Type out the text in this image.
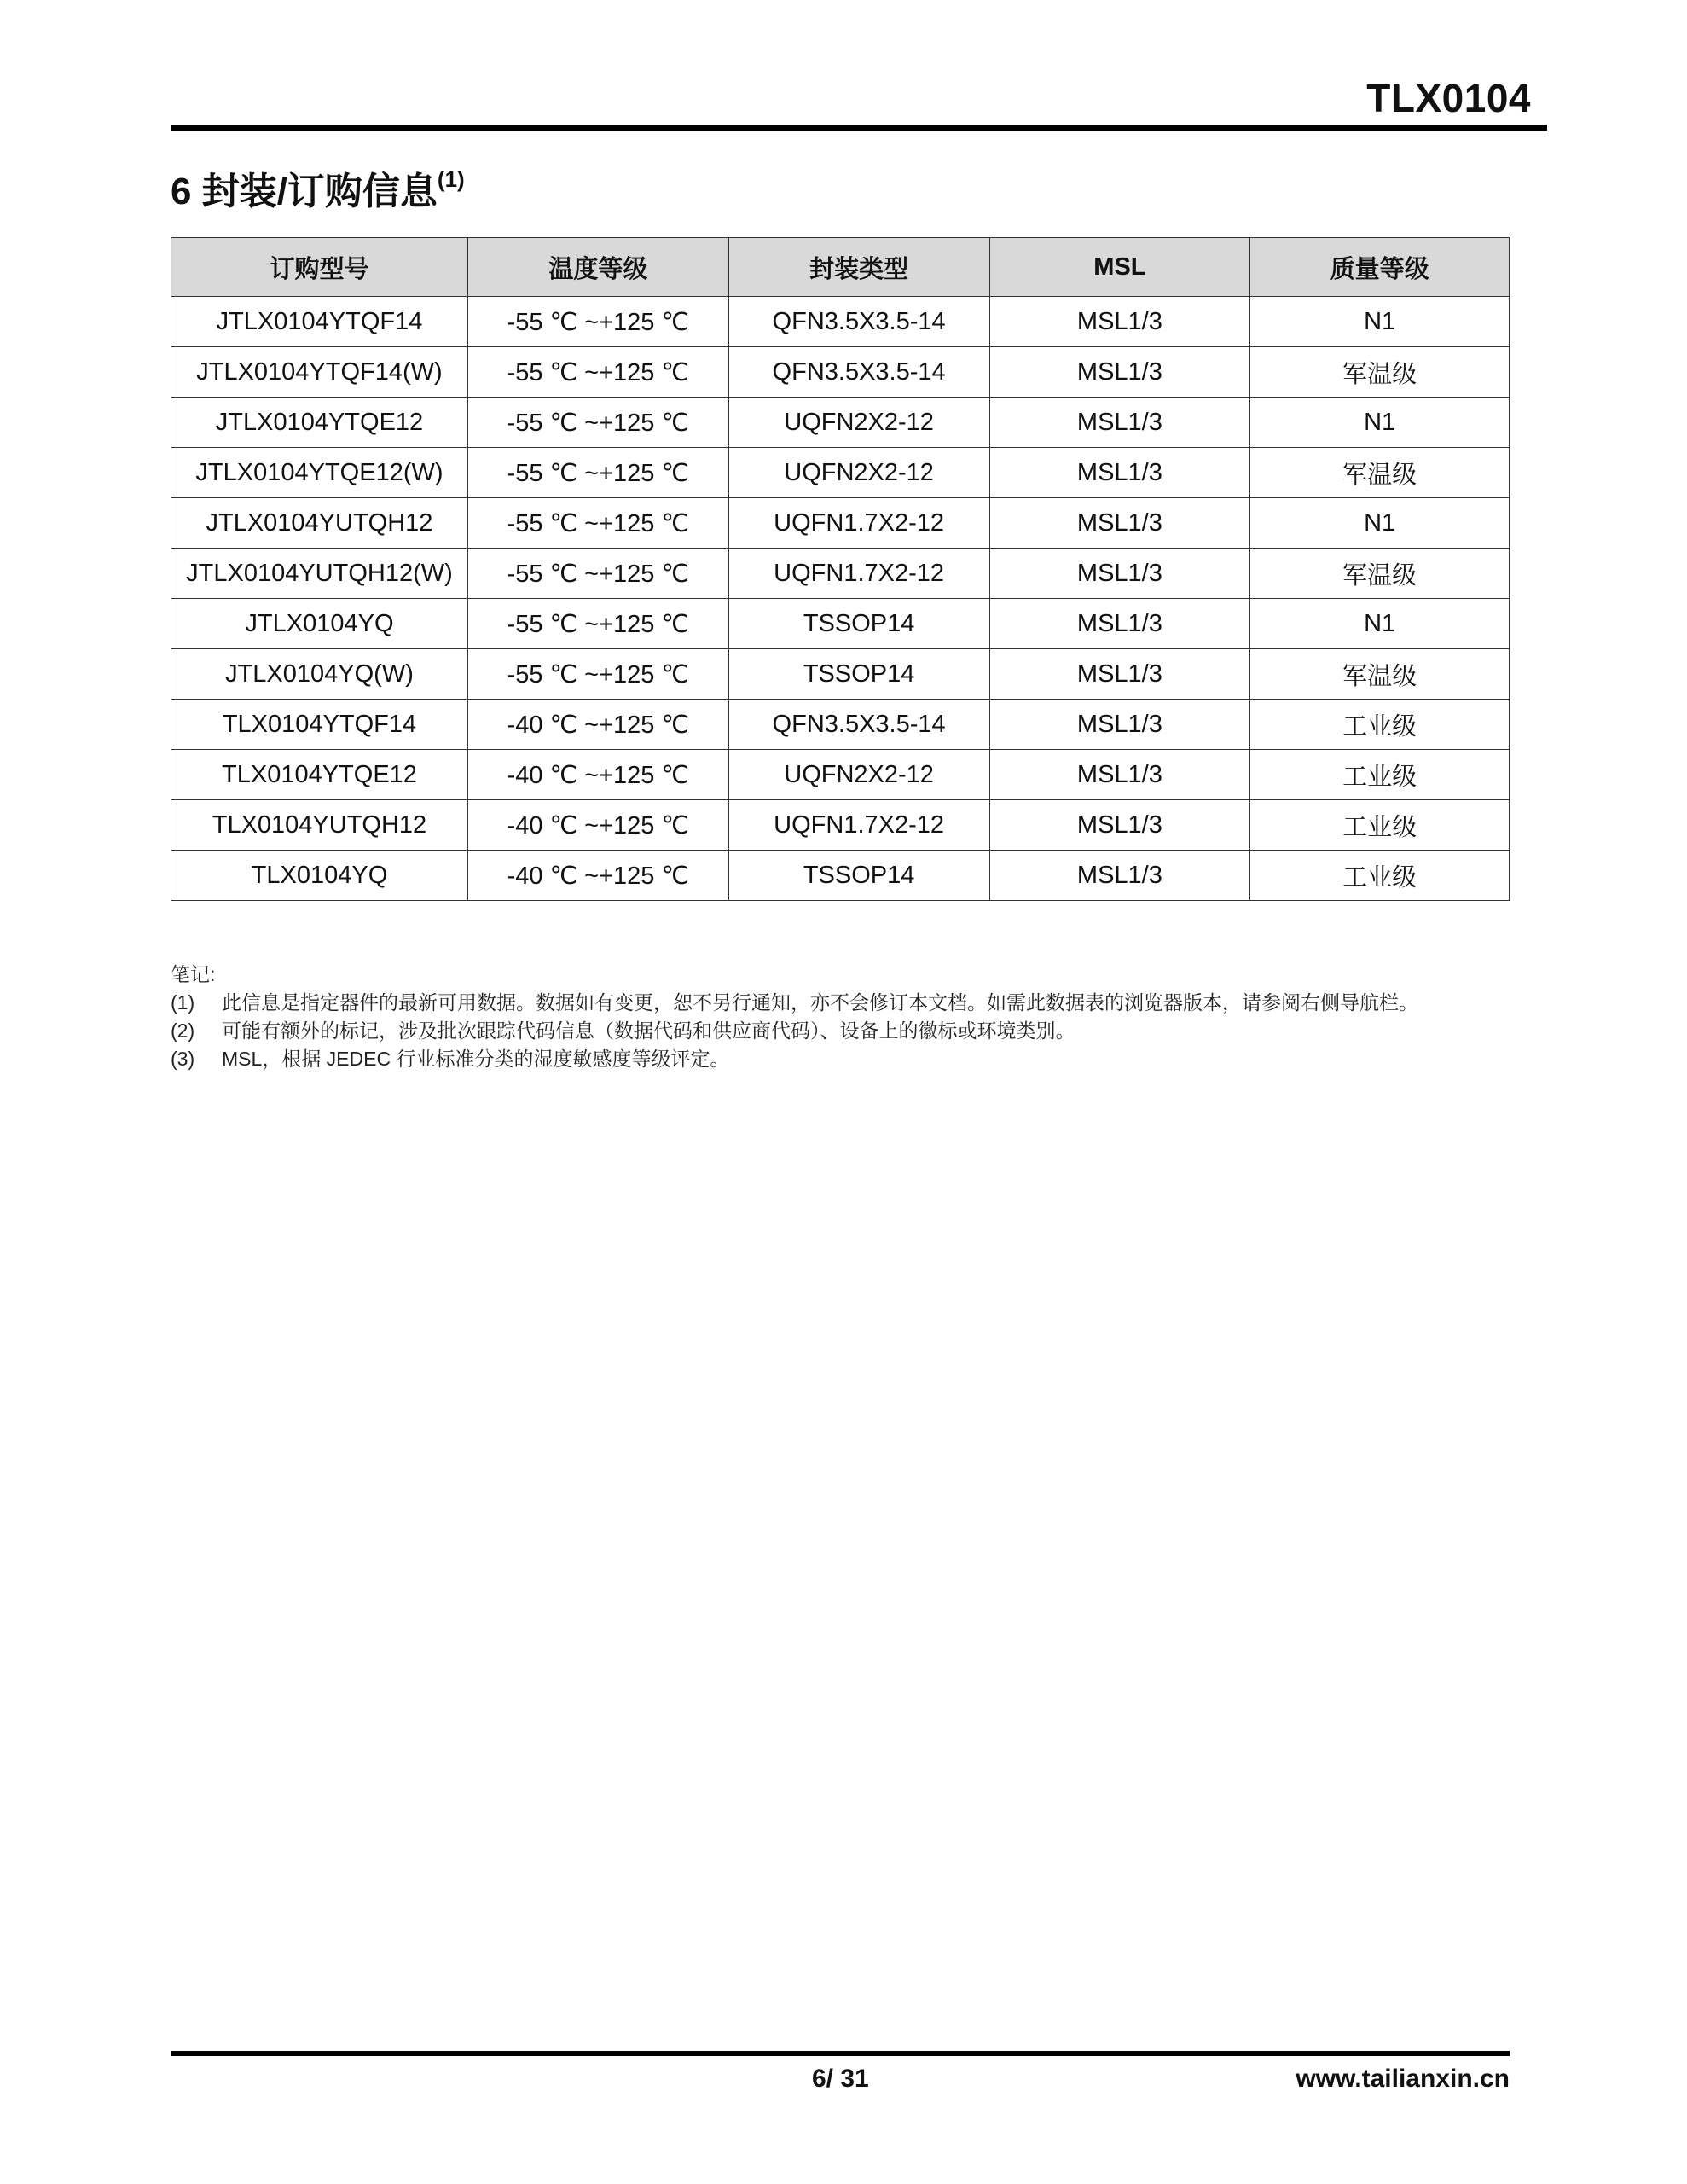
TLX0104
6 封装/订购信息$^{(1)}$
订购型号	温度等级	封装类型	MSL	质量等级
JTLX0104YTQF14	-55 ℃ ~+125 ℃	QFN3.5X3.5-14	MSL1/3	N1
JTLX0104YTQF14(W)	-55 ℃ ~+125 ℃	QFN3.5X3.5-14	MSL1/3	军温级
JTLX0104YTQE12	-55 ℃ ~+125 ℃	UQFN2X2-12	MSL1/3	N1
JTLX0104YTQE12(W)	-55 ℃ ~+125 ℃	UQFN2X2-12	MSL1/3	军温级
JTLX0104YUTQH12	-55 ℃ ~+125 ℃	UQFN1.7X2-12	MSL1/3	N1
JTLX0104YUTQH12(W)	-55 ℃ ~+125 ℃	UQFN1.7X2-12	MSL1/3	军温级
JTLX0104YQ	-55 ℃ ~+125 ℃	TSSOP14	MSL1/3	N1
JTLX0104YQ(W)	-55 ℃ ~+125 ℃	TSSOP14	MSL1/3	军温级
TLX0104YTQF14	-40 ℃ ~+125 ℃	QFN3.5X3.5-14	MSL1/3	工业级
TLX0104YTQE12	-40 ℃ ~+125 ℃	UQFN2X2-12	MSL1/3	工业级
TLX0104YUTQH12	-40 ℃ ~+125 ℃	UQFN1.7X2-12	MSL1/3	工业级
TLX0104YQ	-40 ℃ ~+125 ℃	TSSOP14	MSL1/3	工业级
笔记:
(1)	此信息是指定器件的最新可用数据。数据如有变更，恕不另行通知，亦不会修订本文档。如需此数据表的浏览器版本，请参阅右侧导航栏。
(2)	可能有额外的标记，涉及批次跟踪代码信息（数据代码和供应商代码）、设备上的徽标或环境类别。
(3)	MSL，根据 JEDEC 行业标准分类的湿度敏感度等级评定。
6/ 31	www.tailianxin.cn
